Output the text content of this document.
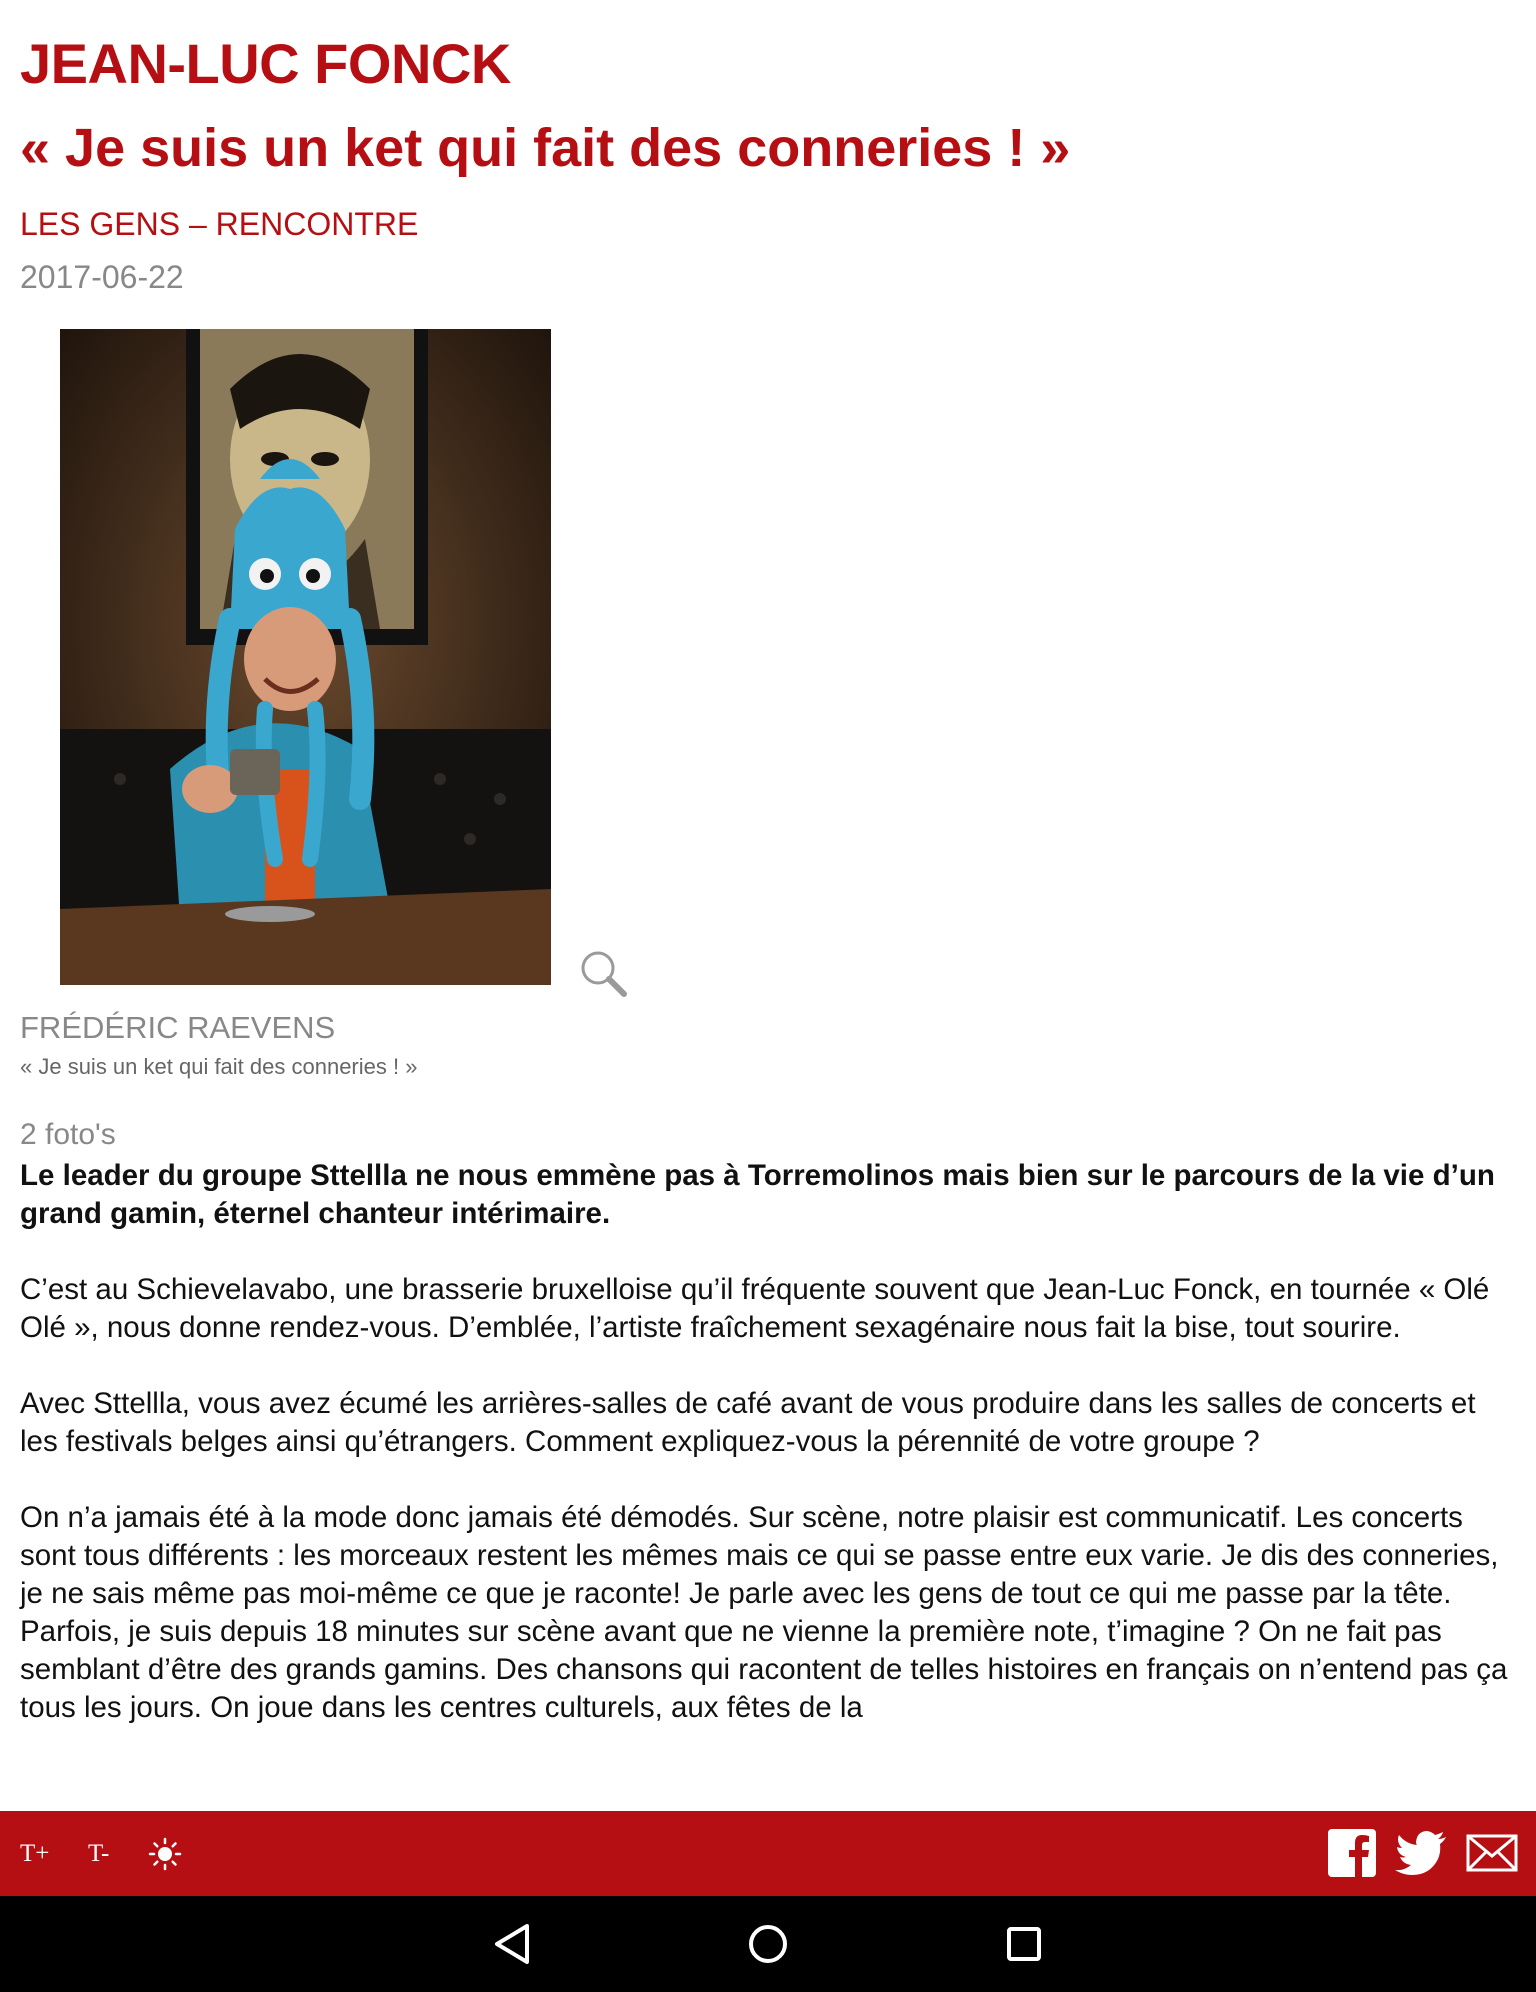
JEAN-LUC FONCK
« Je suis un ket qui fait des conneries ! »
LES GENS – RENCONTRE
2017-06-22
FRÉDÉRIC RAEVENS
« Je suis un ket qui fait des conneries ! »
2 foto's

Le leader du groupe Sttellla ne nous emmène pas à Torremolinos mais bien sur le parcours de la vie d’un grand gamin, éternel chanteur intérimaire.

C’est au Schievelavabo, une brasserie bruxelloise qu’il fréquente souvent que Jean-Luc Fonck, en tournée « Olé Olé », nous donne rendez-vous. D’emblée, l’artiste fraîchement sexagénaire nous fait la bise, tout sourire.

Avec Sttellla, vous avez écumé les arrières-salles de café avant de vous produire dans les salles de concerts et les festivals belges ainsi qu’étrangers. Comment expliquez-vous la pérennité de votre groupe ?

On n’a jamais été à la mode donc jamais été démodés. Sur scène, notre plaisir est communicatif. Les concerts sont tous différents : les morceaux restent les mêmes mais ce qui se passe entre eux varie. Je dis des conneries, je ne sais même pas moi-même ce que je raconte! Je parle avec les gens de tout ce qui me passe par la tête. Parfois, je suis depuis 18 minutes sur scène avant que ne vienne la première note, t’imagine ? On ne fait pas semblant d’être des grands gamins. Des chansons qui racontent de telles histoires en français on n’entend pas ça tous les jours. On joue dans les centres culturels, aux fêtes de la

T+ T-
